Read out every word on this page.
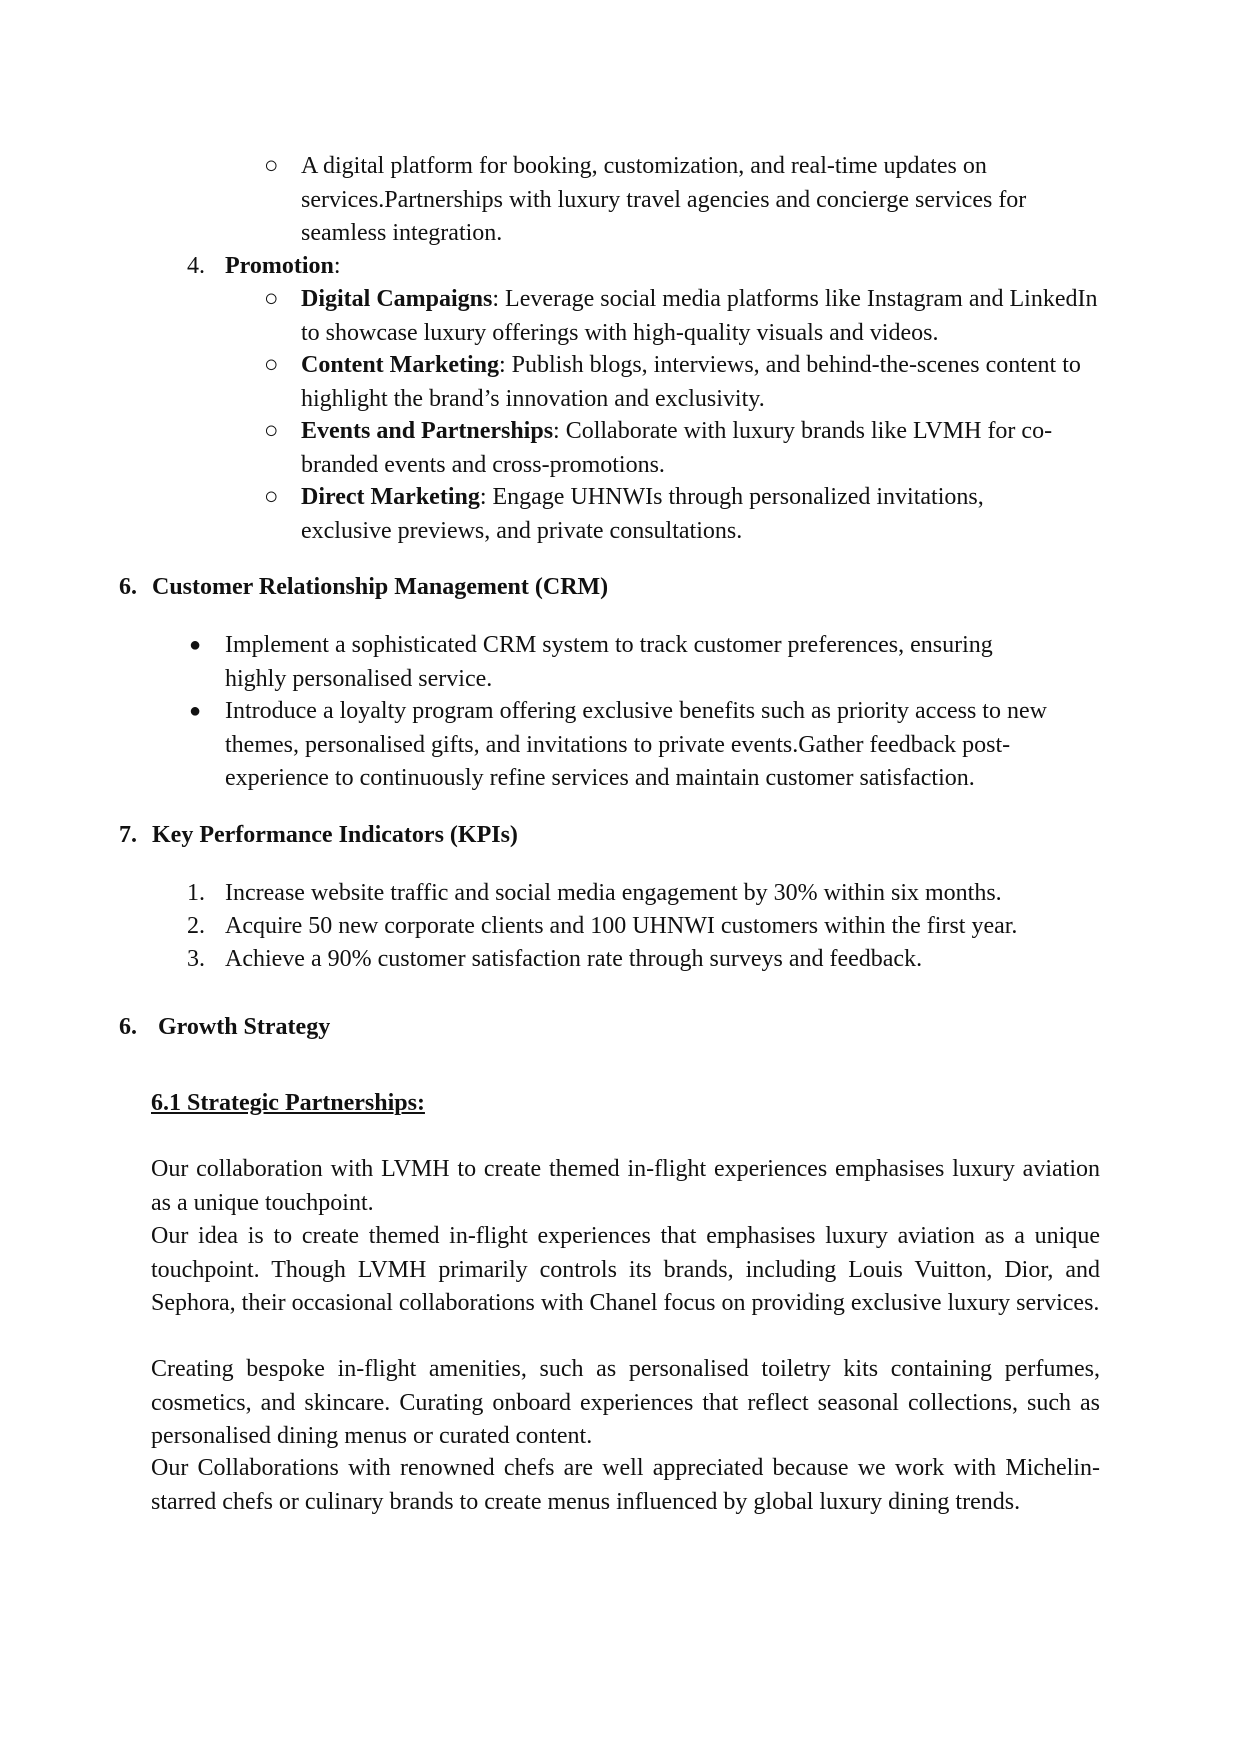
○ A digital platform for booking, customization, and real-time updates on services.Partnerships with luxury travel agencies and concierge services for seamless integration.
4. Promotion:
○ Digital Campaigns: Leverage social media platforms like Instagram and LinkedIn to showcase luxury offerings with high-quality visuals and videos.
○ Content Marketing: Publish blogs, interviews, and behind-the-scenes content to highlight the brand’s innovation and exclusivity.
○ Events and Partnerships: Collaborate with luxury brands like LVMH for co-branded events and cross-promotions.
○ Direct Marketing: Engage UHNWIs through personalized invitations, exclusive previews, and private consultations.
6. Customer Relationship Management (CRM)
● Implement a sophisticated CRM system to track customer preferences, ensuring highly personalised service.
● Introduce a loyalty program offering exclusive benefits such as priority access to new themes, personalised gifts, and invitations to private events.Gather feedback post-experience to continuously refine services and maintain customer satisfaction.
7. Key Performance Indicators (KPIs)
1. Increase website traffic and social media engagement by 30% within six months.
2. Acquire 50 new corporate clients and 100 UHNWI customers within the first year.
3. Achieve a 90% customer satisfaction rate through surveys and feedback.
6. Growth Strategy
6.1 Strategic Partnerships:
Our collaboration with LVMH to create themed in-flight experiences emphasises luxury aviation as a unique touchpoint.
Our idea is to create themed in-flight experiences that emphasises luxury aviation as a unique touchpoint. Though LVMH primarily controls its brands, including Louis Vuitton, Dior, and Sephora, their occasional collaborations with Chanel focus on providing exclusive luxury services.
Creating bespoke in-flight amenities, such as personalised toiletry kits containing perfumes, cosmetics, and skincare. Curating onboard experiences that reflect seasonal collections, such as personalised dining menus or curated content.
Our Collaborations with renowned chefs are well appreciated because we work with Michelin-starred chefs or culinary brands to create menus influenced by global luxury dining trends.
